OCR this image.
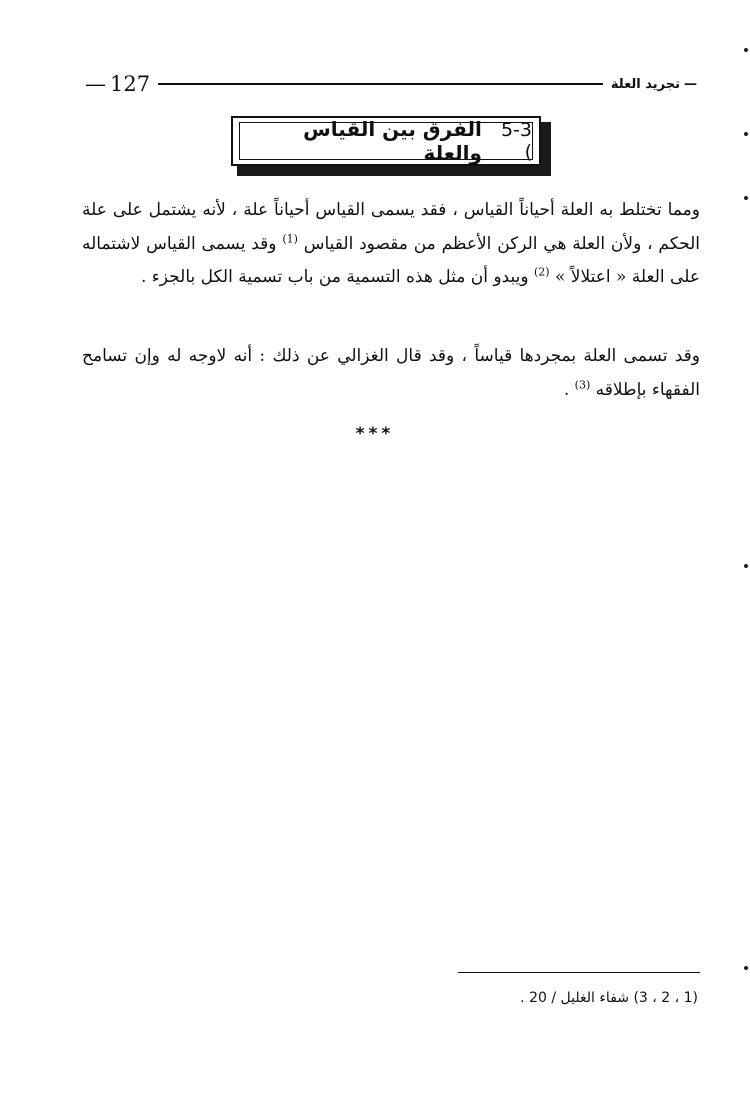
— 127	—
تجريد العلة
5-3 )
الفرق بين القياس والعلة

ومما تختلط به العلة أحياناً القياس ، فقد يسمى القياس أحياناً علة ، لأنه يشتمل على علة الحكم ، ولأن العلة هي الركن الأعظم من مقصود القياس $^{(1)}$ وقد يسمى القياس لاشتماله على العلة « اعتلالاً » $^{(2)}$ ويبدو أن مثل هذه التسمية من باب تسمية الكل بالجزء .

وقد تسمى العلة بمجردها قياساً ، وقد قال الغزالي عن ذلك : أنه لاوجه له وإن تسامح الفقهاء بإطلاقه $^{(3)}$ .

***
(1 ، 2 ، 3) شفاء الغليل / 20 .
